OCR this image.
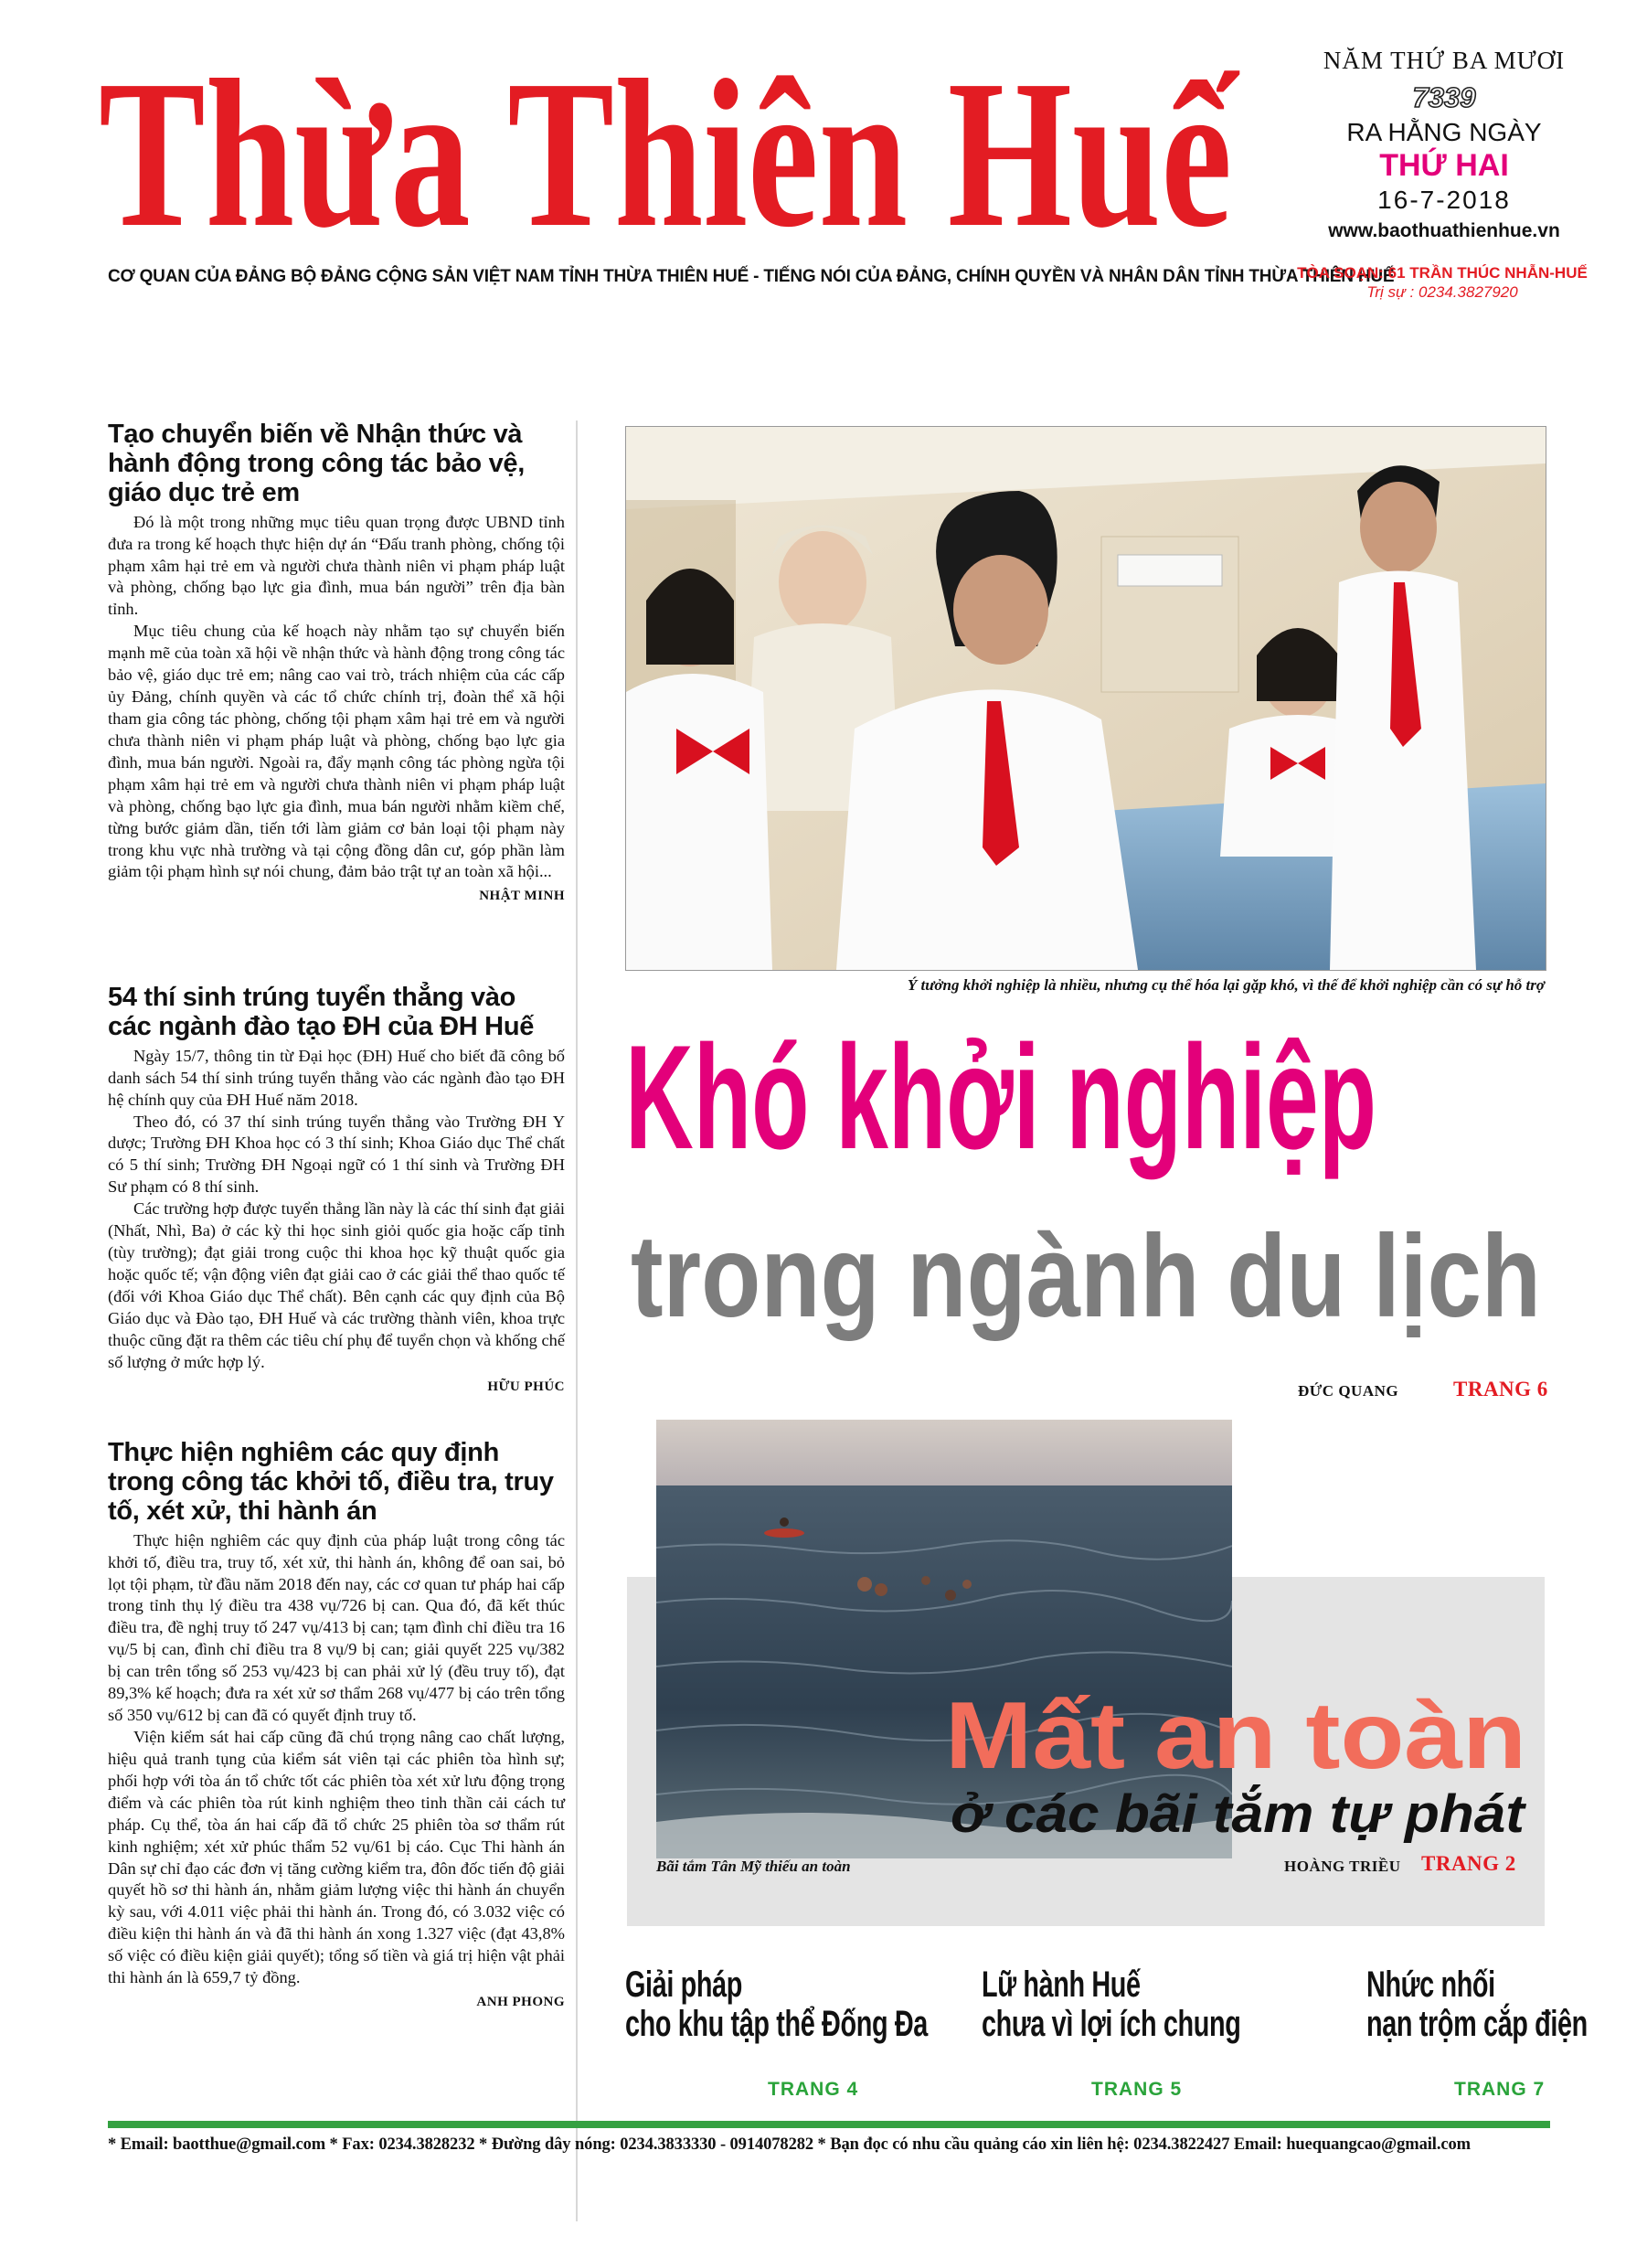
Thừa Thiên Huế
CƠ QUAN CỦA ĐẢNG BỘ ĐẢNG CỘNG SẢN VIỆT NAM TỈNH THỪA THIÊN HUẾ - TIẾNG NÓI CỦA ĐẢNG, CHÍNH QUYỀN VÀ NHÂN DÂN TỈNH THỪA THIÊN HUẾ
NĂM THỨ BA MƯƠI
7339
RA HẰNG NGÀY
THỨ HAI
16-7-2018
www.baothuathienhue.vn
TÒA SOẠN: 61 TRẦN THÚC NHẪN-HUẾ
Trị sự : 0234.3827920
Tạo chuyển biến về Nhận thức và hành động trong công tác bảo vệ, giáo dục trẻ em

Đó là một trong những mục tiêu quan trọng được UBND tỉnh đưa ra trong kế hoạch thực hiện dự án “Đấu tranh phòng, chống tội phạm xâm hại trẻ em và người chưa thành niên vi phạm pháp luật và phòng, chống bạo lực gia đình, mua bán người” trên địa bàn tỉnh.

Mục tiêu chung của kế hoạch này nhằm tạo sự chuyển biến mạnh mẽ của toàn xã hội về nhận thức và hành động trong công tác bảo vệ, giáo dục trẻ em; nâng cao vai trò, trách nhiệm của các cấp ủy Đảng, chính quyền và các tổ chức chính trị, đoàn thể xã hội tham gia công tác phòng, chống tội phạm xâm hại trẻ em và người chưa thành niên vi phạm pháp luật và phòng, chống bạo lực gia đình, mua bán người. Ngoài ra, đẩy mạnh công tác phòng ngừa tội phạm xâm hại trẻ em và người chưa thành niên vi phạm pháp luật và phòng, chống bạo lực gia đình, mua bán người nhằm kiềm chế, từng bước giảm dần, tiến tới làm giảm cơ bản loại tội phạm này trong khu vực nhà trường và tại cộng đồng dân cư, góp phần làm giảm tội phạm hình sự nói chung, đảm bảo trật tự an toàn xã hội...

NHẬT MINH
54 thí sinh trúng tuyển thẳng vào các ngành đào tạo ĐH của ĐH Huế

Ngày 15/7, thông tin từ Đại học (ĐH) Huế cho biết đã công bố danh sách 54 thí sinh trúng tuyển thẳng vào các ngành đào tạo ĐH hệ chính quy của ĐH Huế năm 2018.

Theo đó, có 37 thí sinh trúng tuyển thẳng vào Trường ĐH Y dược; Trường ĐH Khoa học có 3 thí sinh; Khoa Giáo dục Thể chất có 5 thí sinh; Trường ĐH Ngoại ngữ có 1 thí sinh và Trường ĐH Sư phạm có 8 thí sinh.

Các trường hợp được tuyển thẳng lần này là các thí sinh đạt giải (Nhất, Nhì, Ba) ở các kỳ thi học sinh giỏi quốc gia hoặc cấp tỉnh (tùy trường); đạt giải trong cuộc thi khoa học kỹ thuật quốc gia hoặc quốc tế; vận động viên đạt giải cao ở các giải thể thao quốc tế (đối với Khoa Giáo dục Thể chất). Bên cạnh các quy định của Bộ Giáo dục và Đào tạo, ĐH Huế và các trường thành viên, khoa trực thuộc cũng đặt ra thêm các tiêu chí phụ để tuyển chọn và khống chế số lượng ở mức hợp lý.

HỮU PHÚC
Thực hiện nghiêm các quy định trong công tác khởi tố, điều tra, truy tố, xét xử, thi hành án

Thực hiện nghiêm các quy định của pháp luật trong công tác khởi tố, điều tra, truy tố, xét xử, thi hành án, không để oan sai, bỏ lọt tội phạm, từ đầu năm 2018 đến nay, các cơ quan tư pháp hai cấp trong tỉnh thụ lý điều tra 438 vụ/726 bị can. Qua đó, đã kết thúc điều tra, đề nghị truy tố 247 vụ/413 bị can; tạm đình chỉ điều tra 16 vụ/5 bị can, đình chỉ điều tra 8 vụ/9 bị can; giải quyết 225 vụ/382 bị can trên tổng số 253 vụ/423 bị can phải xử lý (đều truy tố), đạt 89,3% kế hoạch; đưa ra xét xử sơ thẩm 268 vụ/477 bị cáo trên tổng số 350 vụ/612 bị can đã có quyết định truy tố.

Viện kiểm sát hai cấp cũng đã chú trọng nâng cao chất lượng, hiệu quả tranh tụng của kiểm sát viên tại các phiên tòa hình sự; phối hợp với tòa án tổ chức tốt các phiên tòa xét xử lưu động trọng điểm và các phiên tòa rút kinh nghiệm theo tinh thần cải cách tư pháp. Cụ thể, tòa án hai cấp đã tổ chức 25 phiên tòa sơ thẩm rút kinh nghiệm; xét xử phúc thẩm 52 vụ/61 bị cáo. Cục Thi hành án Dân sự chỉ đạo các đơn vị tăng cường kiểm tra, đôn đốc tiến độ giải quyết hồ sơ thi hành án, nhằm giảm lượng việc thi hành án chuyển kỳ sau, với 4.011 việc phải thi hành án. Trong đó, có 3.032 việc có điều kiện thi hành án và đã thi hành án xong 1.327 việc (đạt 43,8% số việc có điều kiện giải quyết); tổng số tiền và giá trị hiện vật phải thi hành án là 659,7 tỷ đồng.

ANH PHONG
Ý tưởng khởi nghiệp là nhiều, nhưng cụ thể hóa lại gặp khó, vì thế để khởi nghiệp cần có sự hỗ trợ
Khó khởi nghiệp
trong ngành du lịch
ĐỨC QUANG	TRANG 6
Mất an toàn
ở các bãi tắm tự phát
Bãi tắm Tân Mỹ thiếu an toàn	HOÀNG TRIỀU TRANG 2
Giải pháp
cho khu tập thể Đống Đa
TRANG 4
Lữ hành Huế
chưa vì lợi ích chung
TRANG 5
Nhức nhối
nạn trộm cắp điện
TRANG 7
* Email: baotthue@gmail.com * Fax: 0234.3828232 * Đường dây nóng: 0234.3833330 - 0914078282 * Bạn đọc có nhu cầu quảng cáo xin liên hệ: 0234.3822427 Email: huequangcao@gmail.com
